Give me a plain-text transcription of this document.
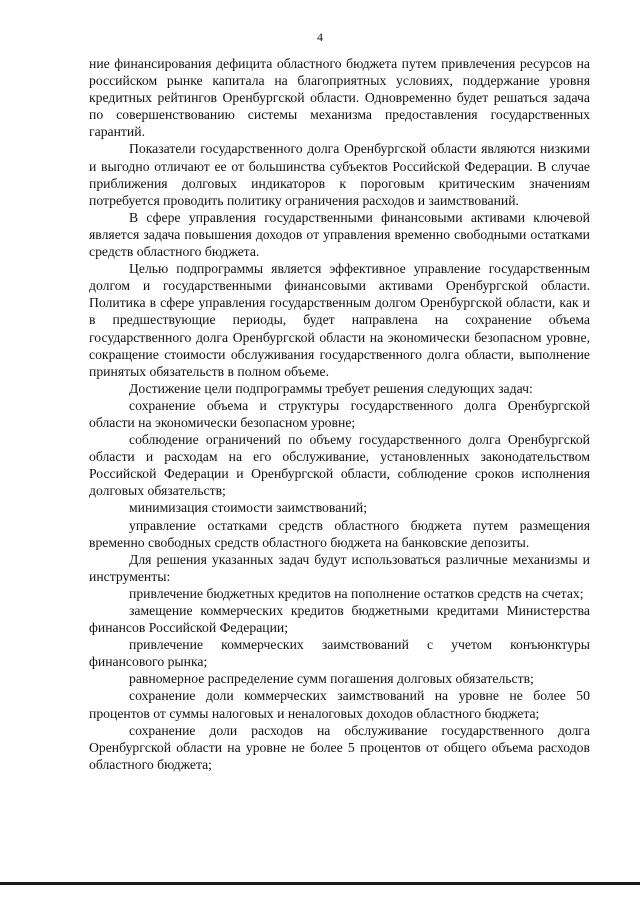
4

ние финансирования дефицита областного бюджета путем привлечения ресурсов на российском рынке капитала на благоприятных условиях, поддержание уровня кредитных рейтингов Оренбургской области. Одновременно будет решаться задача по совершенствованию системы механизма предоставления государственных гарантий.

Показатели государственного долга Оренбургской области являются низкими и выгодно отличают ее от большинства субъектов Российской Федерации. В случае приближения долговых индикаторов к пороговым критическим значениям потребуется проводить политику ограничения расходов и заимствований.

В сфере управления государственными финансовыми активами ключевой является задача повышения доходов от управления временно свободными остатками средств областного бюджета.

Целью подпрограммы является эффективное управление государственным долгом и государственными финансовыми активами Оренбургской области. Политика в сфере управления государственным долгом Оренбургской области, как и в предшествующие периоды, будет направлена на сохранение объема государственного долга Оренбургской области на экономически безопасном уровне, сокращение стоимости обслуживания государственного долга области, выполнение принятых обязательств в полном объеме.

Достижение цели подпрограммы требует решения следующих задач:

сохранение объема и структуры государственного долга Оренбургской области на экономически безопасном уровне;

соблюдение ограничений по объему государственного долга Оренбургской области и расходам на его обслуживание, установленных законодательством Российской Федерации и Оренбургской области, соблюдение сроков исполнения долговых обязательств;

минимизация стоимости заимствований;

управление остатками средств областного бюджета путем размещения временно свободных средств областного бюджета на банковские депозиты.

Для решения указанных задач будут использоваться различные механизмы и инструменты:

привлечение бюджетных кредитов на пополнение остатков средств на счетах;

замещение коммерческих кредитов бюджетными кредитами Министерства финансов Российской Федерации;

привлечение коммерческих заимствований с учетом конъюнктуры финансового рынка;

равномерное распределение сумм погашения долговых обязательств;

сохранение доли коммерческих заимствований на уровне не более 50 процентов от суммы налоговых и неналоговых доходов областного бюджета;

сохранение доли расходов на обслуживание государственного долга Оренбургской области на уровне не более 5 процентов от общего объема расходов областного бюджета;
